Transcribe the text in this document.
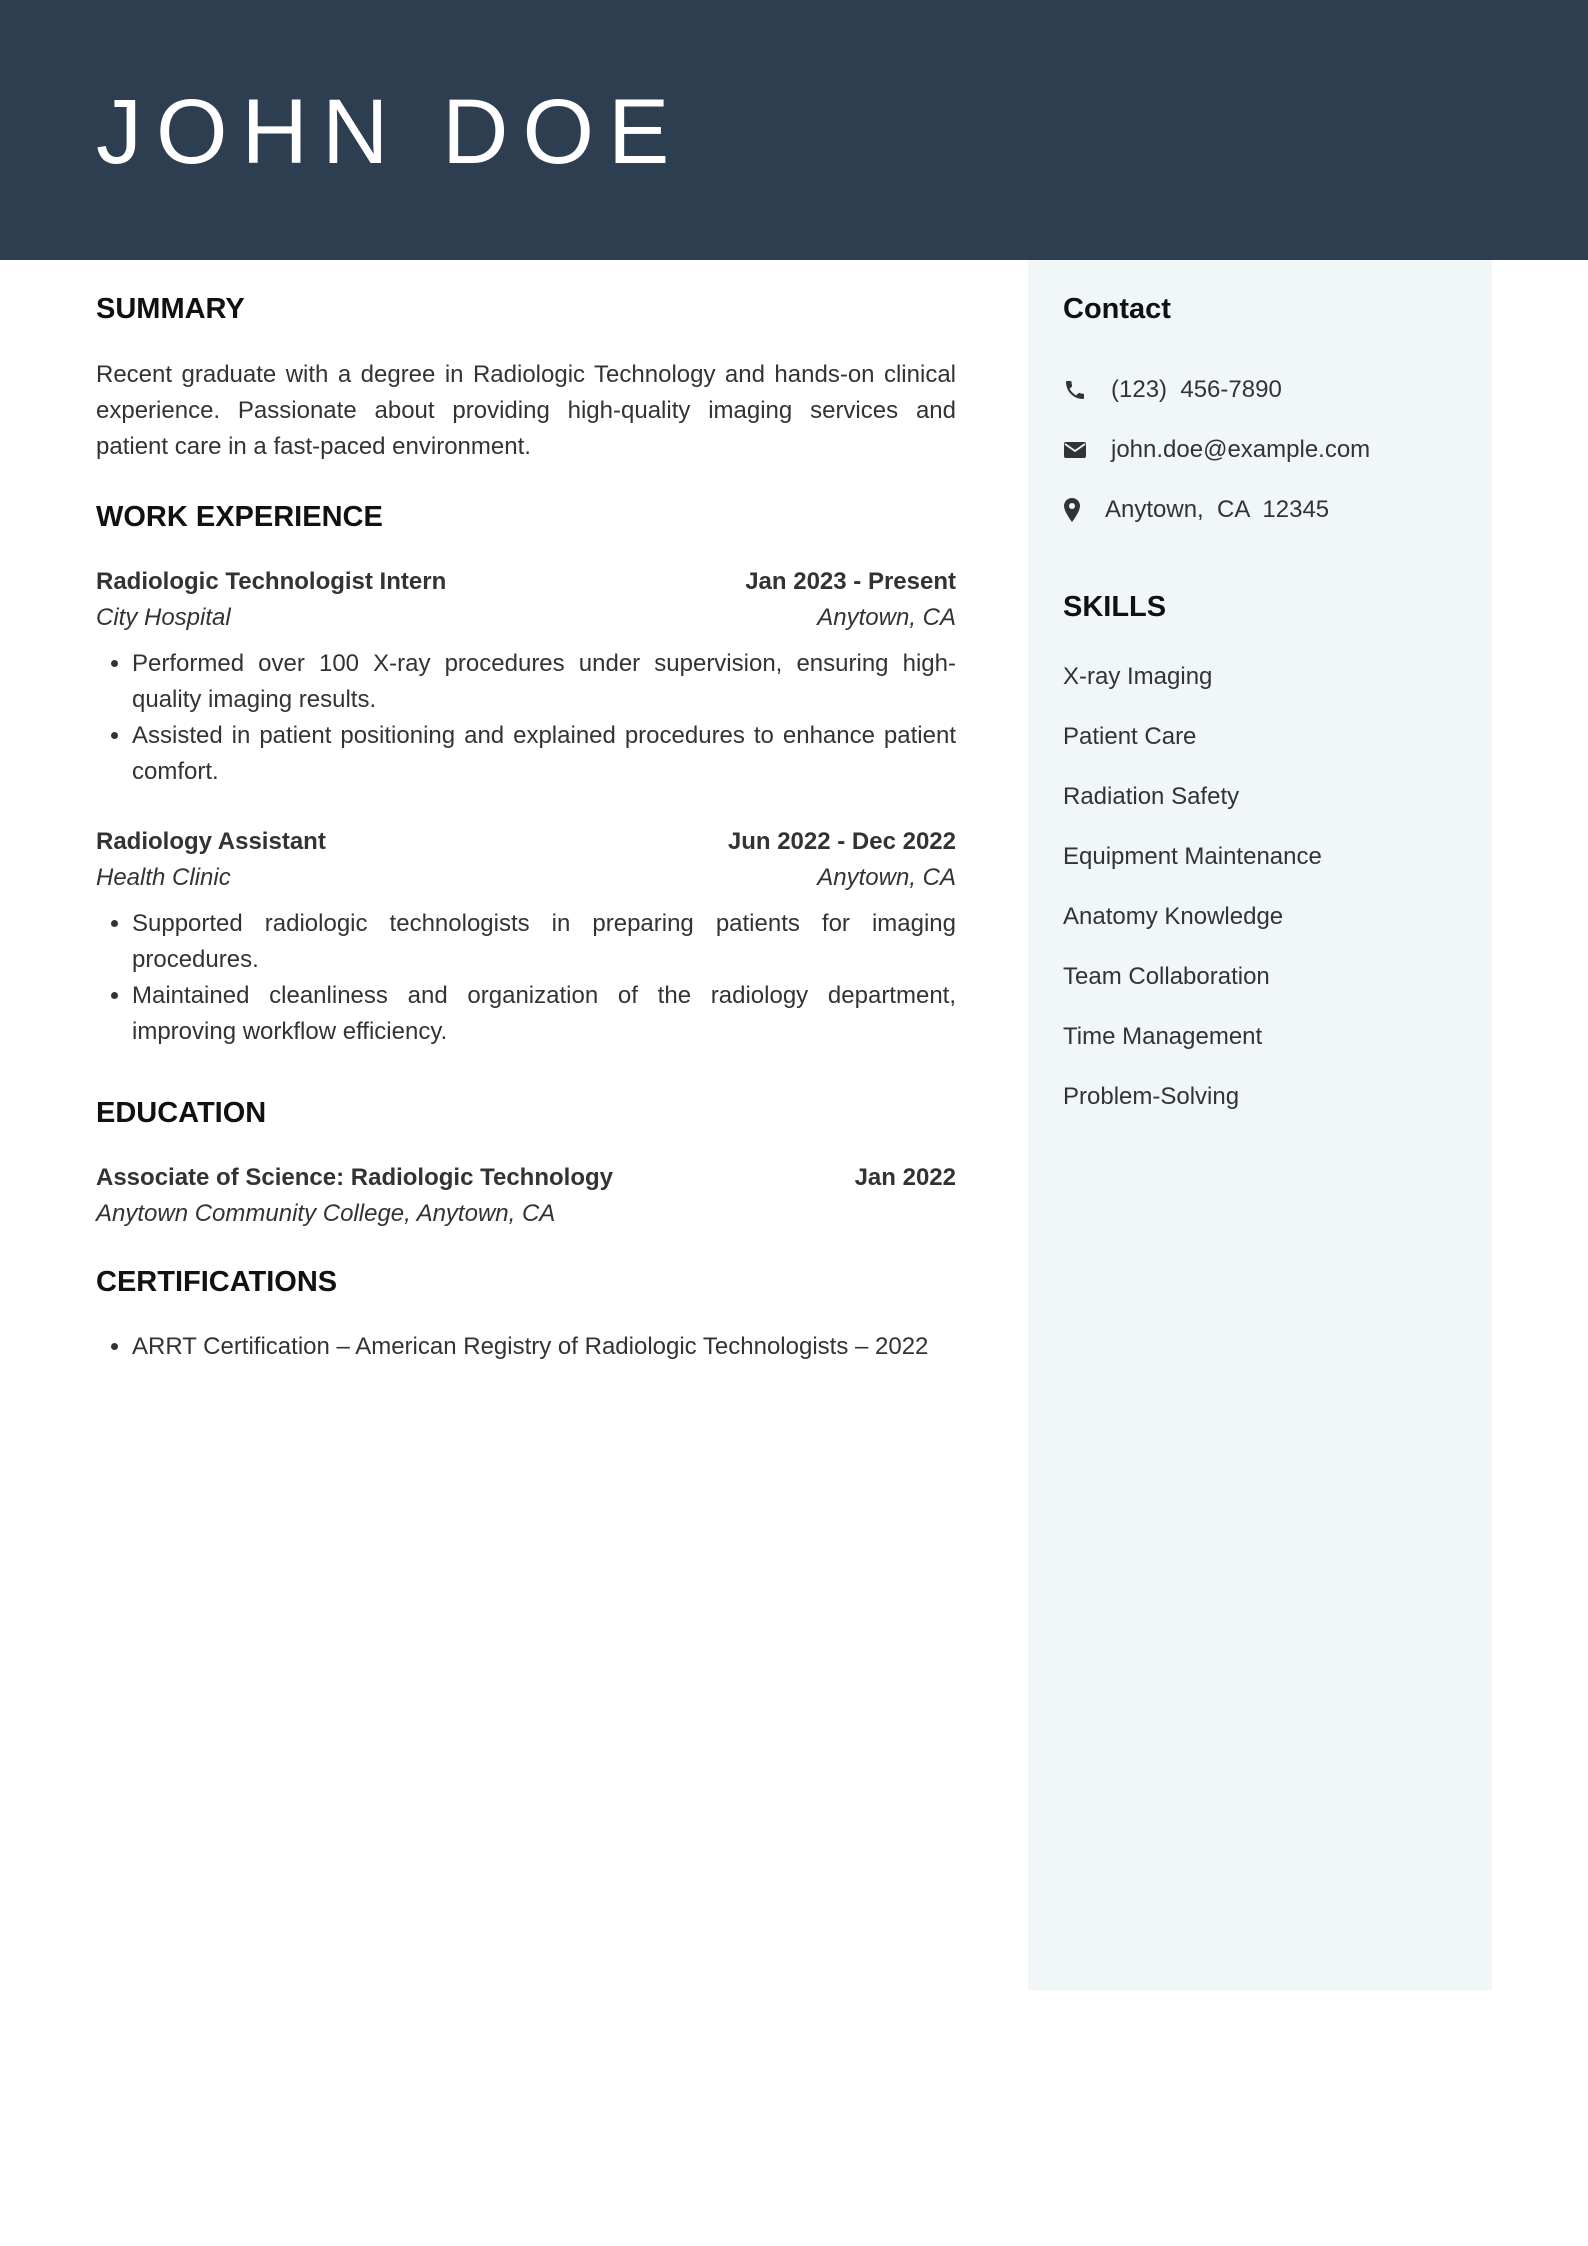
JOHN DOE
SUMMARY

Recent graduate with a degree in Radiologic Technology and hands-on clinical experience. Passionate about providing high-quality imaging services and patient care in a fast-paced environment.

WORK EXPERIENCE
Radiologic Technologist Intern	Jan 2023 - Present
City Hospital	Anytown, CA
• Performed over 100 X-ray procedures under supervision, ensuring high-quality imaging results.
• Assisted in patient positioning and explained procedures to enhance patient comfort.
Radiology Assistant	Jun 2022 - Dec 2022
Health Clinic	Anytown, CA
• Supported radiologic technologists in preparing patients for imaging procedures.
• Maintained cleanliness and organization of the radiology department, improving workflow efficiency.
EDUCATION
Associate of Science: Radiologic Technology	Jan 2022
Anytown Community College, Anytown, CA
CERTIFICATIONS
• ARRT Certification – American Registry of Radiologic Technologists – 2022
Contact
(123)  456-7890
john.doe@example.com
Anytown,  CA  12345
SKILLS
X-ray Imaging
Patient Care
Radiation Safety
Equipment Maintenance
Anatomy Knowledge
Team Collaboration
Time Management
Problem-Solving
